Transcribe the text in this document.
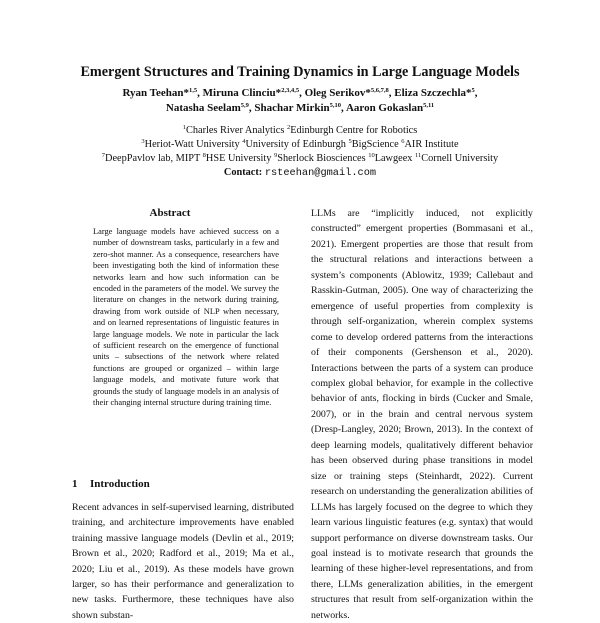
Emergent Structures and Training Dynamics in Large Language Models
Ryan Teehan*$^{1,5}$, Miruna Clinciu*$^{2,3,4,5}$, Oleg Serikov*$^{5,6,7,8}$, Eliza Szczechla*$^5$,
Natasha Seelam$^{5,9}$, Shachar Mirkin$^{5,10}$, Aaron Gokaslan$^{5,11}$
$^1$Charles River Analytics $^2$Edinburgh Centre for Robotics
$^3$Heriot-Watt University $^4$University of Edinburgh $^5$BigScience $^6$AIR Institute
$^7$DeepPavlov lab, MIPT $^8$HSE University $^9$Sherlock Biosciences $^{10}$Lawgeex $^{11}$Cornell University
Contact: rsteehan@gmail.com
Abstract

Large language models have achieved success on a number of downstream tasks, particularly in a few and zero-shot manner. As a consequence, researchers have been investigating both the kind of information these networks learn and how such information can be encoded in the parameters of the model. We survey the literature on changes in the network during training, drawing from work outside of NLP when necessary, and on learned representations of linguistic features in large language models. We note in particular the lack of sufficient research on the emergence of functional units – subsections of the network where related functions are grouped or organized – within large language models, and motivate future work that grounds the study of language models in an analysis of their changing internal structure during training time.

1 Introduction

Recent advances in self-supervised learning, distributed training, and architecture improvements have enabled training massive language models (Devlin et al., 2019; Brown et al., 2020; Radford et al., 2019; Ma et al., 2020; Liu et al., 2019). As these models have grown larger, so has their performance and generalization to new tasks. Furthermore, these techniques have also shown substan-

LLMs are “implicitly induced, not explicitly constructed” emergent properties (Bommasani et al., 2021). Emergent properties are those that result from the structural relations and interactions between a system’s components (Ablowitz, 1939; Callebaut and Rasskin-Gutman, 2005). One way of characterizing the emergence of useful properties from complexity is through self-organization, wherein complex systems come to develop ordered patterns from the interactions of their components (Gershenson et al., 2020). Interactions between the parts of a system can produce complex global behavior, for example in the collective behavior of ants, flocking in birds (Cucker and Smale, 2007), or in the brain and central nervous system (Dresp-Langley, 2020; Brown, 2013). In the context of deep learning models, qualitatively different behavior has been observed during phase transitions in model size or training steps (Steinhardt, 2022). Current research on understanding the generalization abilities of LLMs has largely focused on the degree to which they learn various linguistic features (e.g. syntax) that would support performance on diverse downstream tasks. Our goal instead is to motivate research that grounds the learning of these higher-level representations, and from there, LLMs generalization abilities, in the emergent structures that result from self-organization within the networks.
